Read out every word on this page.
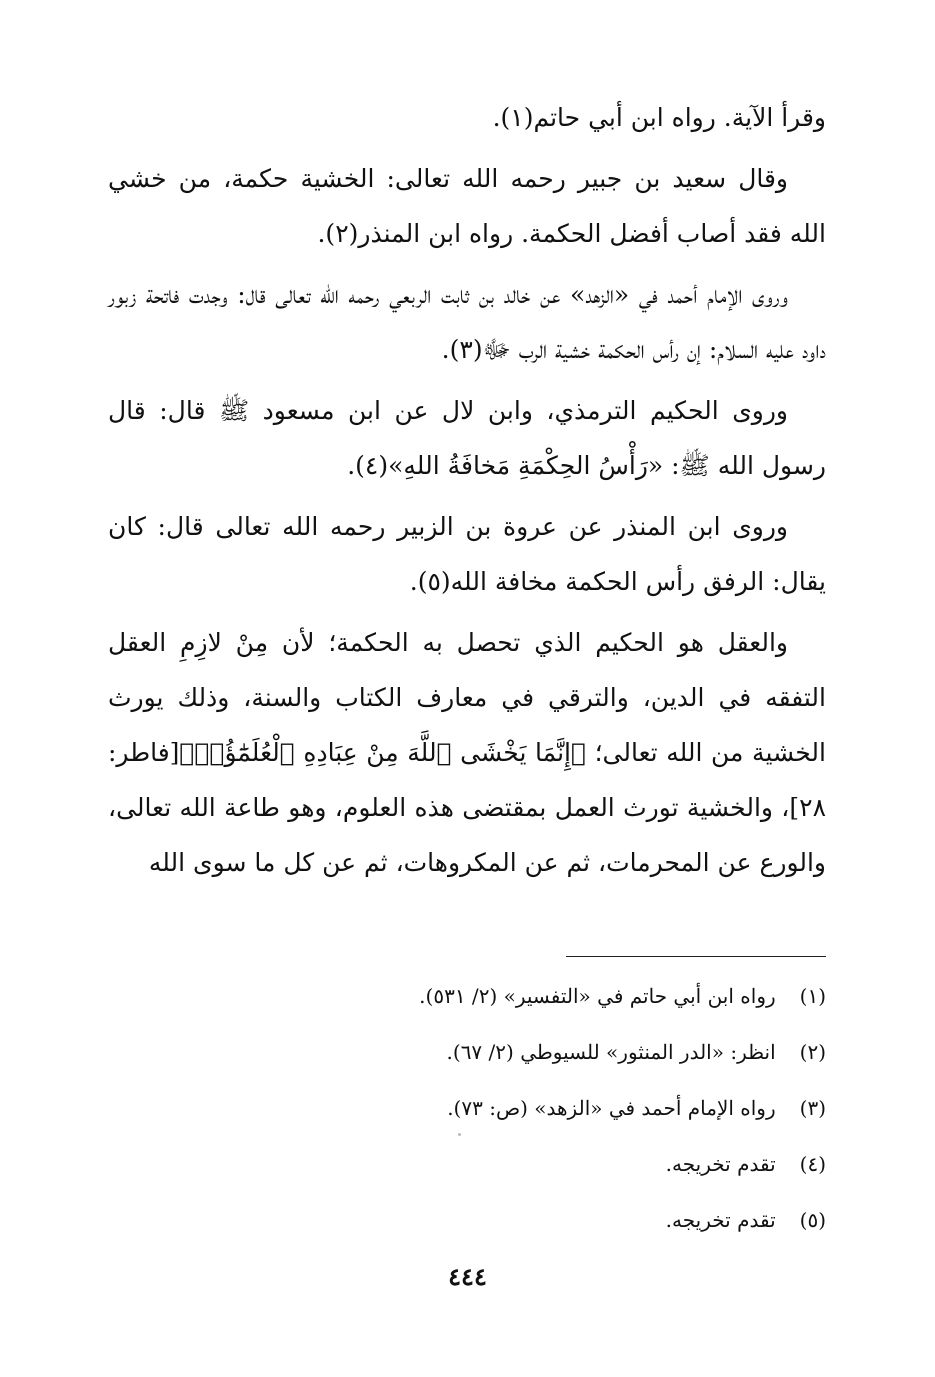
وقرأ الآية. رواه ابن أبي حاتم(١).

وقال سعيد بن جبير رحمه الله تعالى: الخشية حكمة، من خشي الله فقد أصاب أفضل الحكمة. رواه ابن المنذر(٢).

وروى الإمام أحمد في «الزهد» عن خالد بن ثابت الربعي رحمه الله تعالى قال: وجدت فاتحة زبور داود عليه السلام: إن رأس الحكمة خشية الرب ﷻ(٣).

وروى الحكيم الترمذي، وابن لال عن ابن مسعود ﷺ قال: قال رسول الله ﷺ: «رَأْسُ الحِكْمَةِ مَخافَةُ اللهِ»(٤).

وروى ابن المنذر عن عروة بن الزبير رحمه الله تعالى قال: كان يقال: الرفق رأس الحكمة مخافة الله(٥).

والعقل هو الحكيم الذي تحصل به الحكمة؛ لأن مِنْ لازِمِ العقل التفقه في الدين، والترقي في معارف الكتاب والسنة، وذلك يورث الخشية من الله تعالى؛ ﴿إِنَّمَا يَخْشَى ٱللَّهَ مِنْ عِبَادِهِ ٱلْعُلَمَٰٓؤُا۟﴾[فاطر: ٢٨]، والخشية تورث العمل بمقتضى هذه العلوم، وهو طاعة الله تعالى، والورع عن المحرمات، ثم عن المكروهات، ثم عن كل ما سوى الله

(١) رواه ابن أبي حاتم في «التفسير» (٢/ ٥٣١).
(٢) انظر: «الدر المنثور» للسيوطي (٢/ ٦٧).
(٣) رواه الإمام أحمد في «الزهد» (ص: ٧٣).
(٤) تقدم تخريجه.
(٥) تقدم تخريجه.
٤٤٤
